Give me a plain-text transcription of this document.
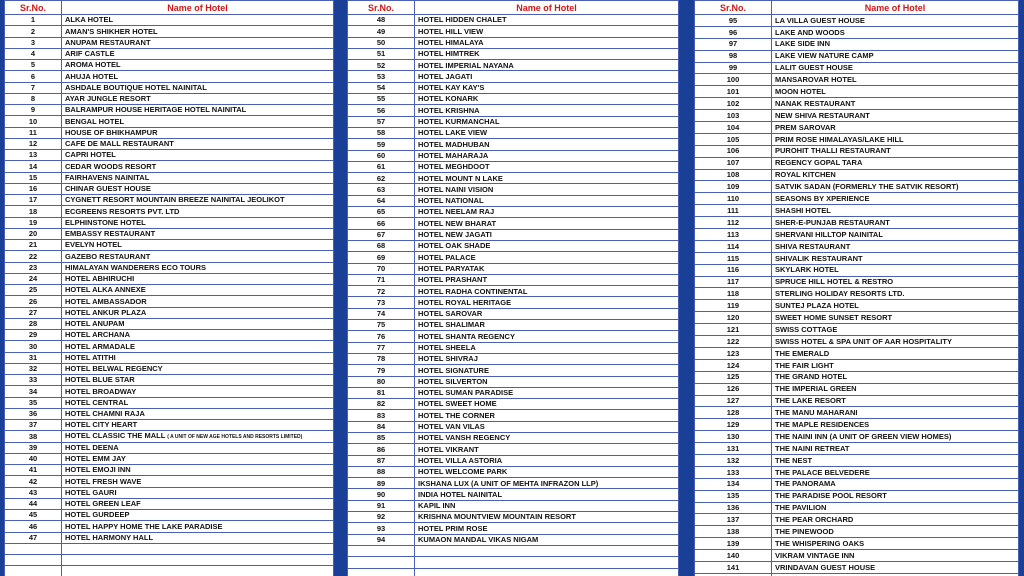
Sr.No.	Name of Hotel
1	ALKA HOTEL
2	AMAN'S SHIKHER HOTEL
3	ANUPAM RESTAURANT
4	ARIF CASTLE
5	AROMA HOTEL
6	AHUJA HOTEL
7	ASHDALE BOUTIQUE HOTEL NAINITAL
8	AYAR JUNGLE RESORT
9	BALRAMPUR HOUSE HERITAGE HOTEL NAINITAL
10	BENGAL HOTEL
11	HOUSE OF BHIKHAMPUR
12	CAFE DE MALL RESTAURANT
13	CAPRI HOTEL
14	CEDAR WOODS RESORT
15	FAIRHAVENS NAINITAL
16	CHINAR GUEST HOUSE
17	CYGNETT RESORT MOUNTAIN BREEZE NAINITAL JEOLIKOT
18	ECGREENS RESORTS PVT. LTD
19	ELPHINSTONE HOTEL
20	EMBASSY RESTAURANT
21	EVELYN HOTEL
22	GAZEBO RESTAURANT
23	HIMALAYAN WANDERERS ECO TOURS
24	HOTEL ABHIRUCHI
25	HOTEL ALKA ANNEXE
26	HOTEL AMBASSADOR
27	HOTEL ANKUR PLAZA
28	HOTEL ANUPAM
29	HOTEL ARCHANA
30	HOTEL ARMADALE
31	HOTEL ATITHI
32	HOTEL BELWAL REGENCY
33	HOTEL BLUE STAR
34	HOTEL BROADWAY
35	HOTEL CENTRAL
36	HOTEL CHAMNI RAJA
37	HOTEL CITY HEART
38	HOTEL CLASSIC THE MALL ( A UNIT OF NEW AGE HOTELS AND RESORTS LIMITED)
39	HOTEL DEENA
40	HOTEL EMM JAY
41	HOTEL EMOJI INN
42	HOTEL FRESH WAVE
43	HOTEL GAURI
44	HOTEL GREEN LEAF
45	HOTEL GURDEEP
46	HOTEL HAPPY HOME THE LAKE PARADISE
47	HOTEL HARMONY HALL

Sr.No.	Name of Hotel
48	HOTEL HIDDEN CHALET
49	HOTEL HILL VIEW
50	HOTEL HIMALAYA
51	HOTEL HIMTREK
52	HOTEL IMPERIAL NAYANA
53	HOTEL JAGATI
54	HOTEL KAY KAY'S
55	HOTEL KONARK
56	HOTEL KRISHNA
57	HOTEL KURMANCHAL
58	HOTEL LAKE VIEW
59	HOTEL MADHUBAN
60	HOTEL MAHARAJA
61	HOTEL MEGHDOOT
62	HOTEL MOUNT N LAKE
63	HOTEL NAINI VISION
64	HOTEL NATIONAL
65	HOTEL NEELAM RAJ
66	HOTEL NEW BHARAT
67	HOTEL NEW JAGATI
68	HOTEL OAK SHADE
69	HOTEL PALACE
70	HOTEL PARYATAK
71	HOTEL PRASHANT
72	HOTEL RADHA CONTINENTAL
73	HOTEL ROYAL HERITAGE
74	HOTEL SAROVAR
75	HOTEL SHALIMAR
76	HOTEL SHANTA REGENCY
77	HOTEL SHEELA
78	HOTEL SHIVRAJ
79	HOTEL SIGNATURE
80	HOTEL SILVERTON
81	HOTEL SUMAN PARADISE
82	HOTEL SWEET HOME
83	HOTEL THE CORNER
84	HOTEL VAN VILAS
85	HOTEL VANSH REGENCY
86	HOTEL VIKRANT
87	HOTEL VILLA ASTORIA
88	HOTEL WELCOME PARK
89	IKSHANA LUX (A UNIT OF MEHTA INFRAZON LLP)
90	INDIA HOTEL NAINITAL
91	KAPIL INN
92	KRISHNA MOUNTVIEW MOUNTAIN RESORT
93	HOTEL PRIM ROSE
94	KUMAON MANDAL VIKAS NIGAM

Sr.No.	Name of Hotel
95	LA VILLA GUEST HOUSE
96	LAKE AND WOODS
97	LAKE SIDE INN
98	LAKE VIEW NATURE CAMP
99	LALIT GUEST HOUSE
100	MANSAROVAR HOTEL
101	MOON HOTEL
102	NANAK RESTAURANT
103	NEW SHIVA RESTAURANT
104	PREM SAROVAR
105	PRIM ROSE HIMALAYAS/LAKE HILL
106	PUROHIT THALLI RESTAURANT
107	REGENCY GOPAL TARA
108	ROYAL KITCHEN
109	SATVIK SADAN (FORMERLY THE SATVIK RESORT)
110	SEASONS BY XPERIENCE
111	SHASHI HOTEL
112	SHER-E-PUNJAB RESTAURANT
113	SHERVANI HILLTOP NAINITAL
114	SHIVA RESTAURANT
115	SHIVALIK RESTAURANT
116	SKYLARK HOTEL
117	SPRUCE HILL HOTEL & RESTRO
118	STERLING HOLIDAY RESORTS LTD.
119	SUNTEJ PLAZA HOTEL
120	SWEET HOME SUNSET RESORT
121	SWISS COTTAGE
122	SWISS HOTEL & SPA UNIT OF AAR HOSPITALITY
123	THE EMERALD
124	THE FAIR LIGHT
125	THE GRAND HOTEL
126	THE IMPERIAL GREEN
127	THE LAKE RESORT
128	THE MANU MAHARANI
129	THE MAPLE RESIDENCES
130	THE NAINI INN (A UNIT OF GREEN VIEW HOMES)
131	THE NAINI RETREAT
132	THE NEST
133	THE PALACE BELVEDERE
134	THE PANORAMA
135	THE PARADISE POOL RESORT
136	THE PAVILION
137	THE PEAR ORCHARD
138	THE PINEWOOD
139	THE WHISPERING OAKS
140	VIKRAM VINTAGE INN
141	VRINDAVAN GUEST HOUSE
